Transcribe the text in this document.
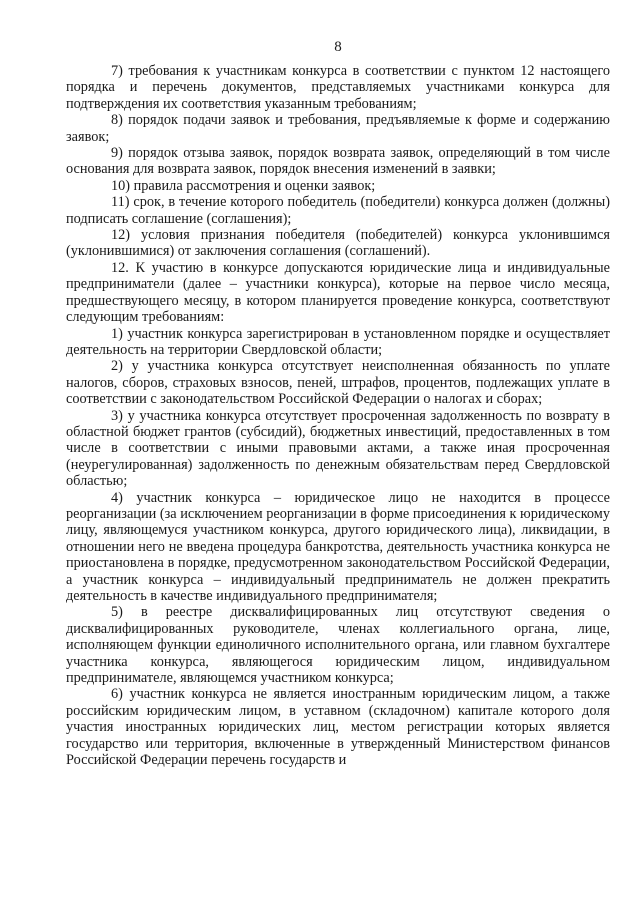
8

7) требования к участникам конкурса в соответствии с пунктом 12 настоящего порядка и перечень документов, представляемых участниками конкурса для подтверждения их соответствия указанным требованиям;

8) порядок подачи заявок и требования, предъявляемые к форме и содержанию заявок;

9) порядок отзыва заявок, порядок возврата заявок, определяющий в том числе основания для возврата заявок, порядок внесения изменений в заявки;

10) правила рассмотрения и оценки заявок;

11) срок, в течение которого победитель (победители) конкурса должен (должны) подписать соглашение (соглашения);

12) условия признания победителя (победителей) конкурса уклонившимся (уклонившимися) от заключения соглашения (соглашений).

12. К участию в конкурсе допускаются юридические лица и индивидуальные предприниматели (далее – участники конкурса), которые на первое число месяца, предшествующего месяцу, в котором планируется проведение конкурса, соответствуют следующим требованиям:

1) участник конкурса зарегистрирован в установленном порядке и осуществляет деятельность на территории Свердловской области;

2) у участника конкурса отсутствует неисполненная обязанность по уплате налогов, сборов, страховых взносов, пеней, штрафов, процентов, подлежащих уплате в соответствии с законодательством Российской Федерации о налогах и сборах;

3) у участника конкурса отсутствует просроченная задолженность по возврату в областной бюджет грантов (субсидий), бюджетных инвестиций, предоставленных в том числе в соответствии с иными правовыми актами, а также иная просроченная (неурегулированная) задолженность по денежным обязательствам перед Свердловской областью;

4) участник конкурса – юридическое лицо не находится в процессе реорганизации (за исключением реорганизации в форме присоединения к юридическому лицу, являющемуся участником конкурса, другого юридического лица), ликвидации, в отношении него не введена процедура банкротства, деятельность участника конкурса не приостановлена в порядке, предусмотренном законодательством Российской Федерации, а участник конкурса – индивидуальный предприниматель не должен прекратить деятельность в качестве индивидуального предпринимателя;

5) в реестре дисквалифицированных лиц отсутствуют сведения о дисквалифицированных руководителе, членах коллегиального органа, лице, исполняющем функции единоличного исполнительного органа, или главном бухгалтере участника конкурса, являющегося юридическим лицом, индивидуальном предпринимателе, являющемся участником конкурса;

6) участник конкурса не является иностранным юридическим лицом, а также российским юридическим лицом, в уставном (складочном) капитале которого доля участия иностранных юридических лиц, местом регистрации которых является государство или территория, включенные в утвержденный Министерством финансов Российской Федерации перечень государств и
